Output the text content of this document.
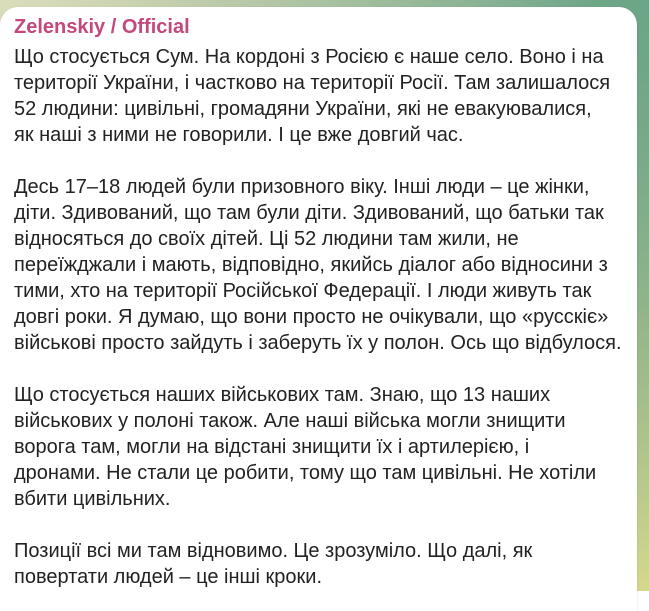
Zelenskiy / Official

Що стосується Сум. На кордоні з Росією є наше село. Воно і на
території України, і частково на території Росії. Там залишалося
52 людини: цивільні, громадяни України, які не евакуювалися,
як наші з ними не говорили. І це вже довгий час.

Десь 17–18 людей були призовного віку. Інші люди – це жінки,
діти. Здивований, що там були діти. Здивований, що батьки так
відносяться до своїх дітей. Ці 52 людини там жили, не
переїжджали і мають, відповідно, якийсь діалог або відносини з
тими, хто на території Російської Федерації. І люди живуть так
довгі роки. Я думаю, що вони просто не очікували, що «русскіє»
військові просто зайдуть і заберуть їх у полон. Ось що відбулося.

Що стосується наших військових там. Знаю, що 13 наших
військових у полоні також. Але наші війська могли знищити
ворога там, могли на відстані знищити їх і артилерією, і
дронами. Не стали це робити, тому що там цивільні. Не хотіли
вбити цивільних.

Позиції всі ми там відновимо. Це зрозуміло. Що далі, як
повертати людей – це інші кроки.
